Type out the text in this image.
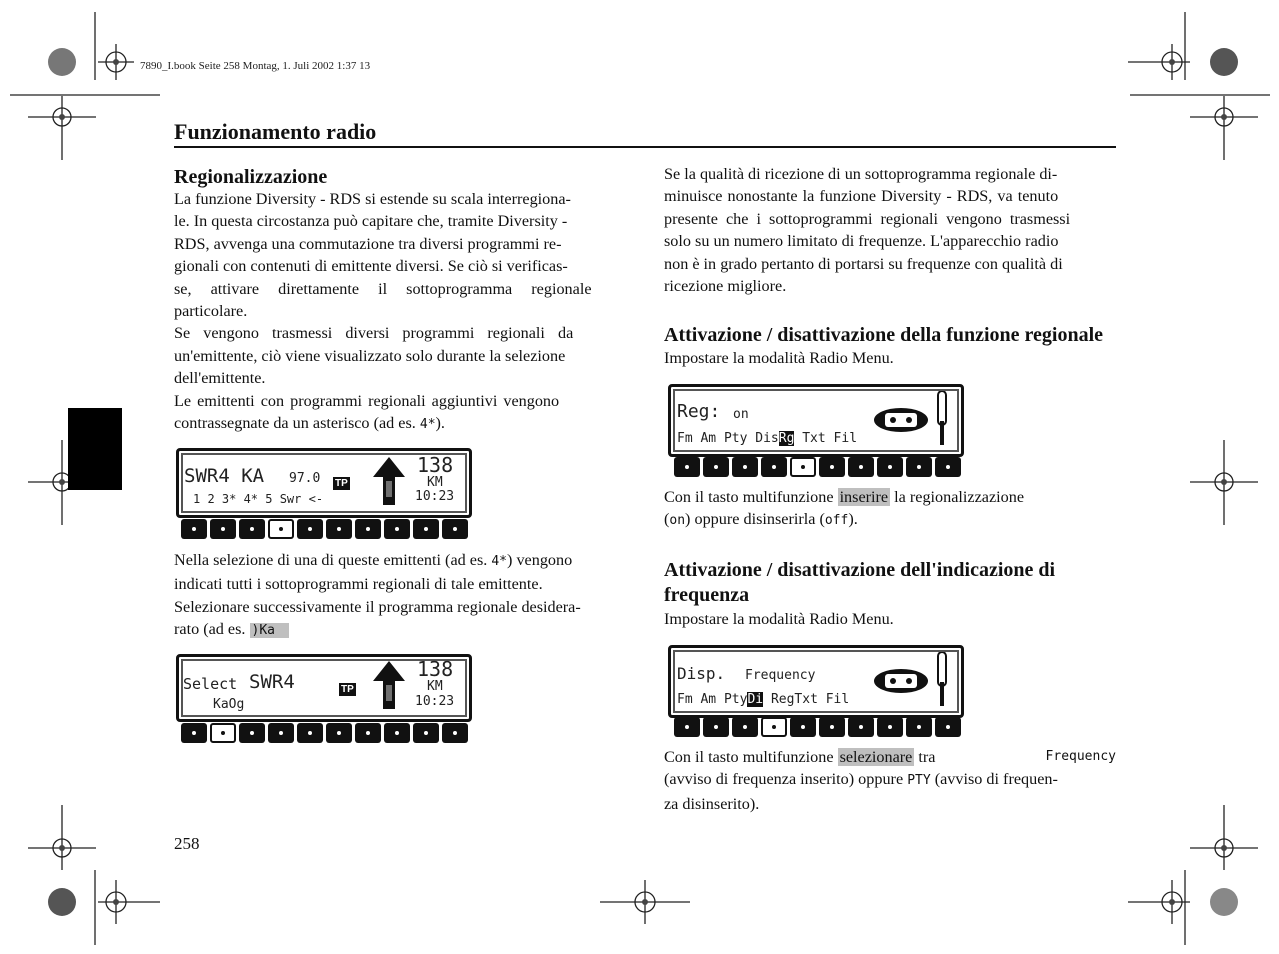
7890_I.book Seite 258 Montag, 1. Juli 2002 1:37 13
Funzionamento radio
Regionalizzazione
La funzione Diversity - RDS si estende su scala interregiona-
le. In questa circostanza può capitare che, tramite Diversity -
RDS, avvenga una commutazione tra diversi programmi re-
gionali con contenuti di emittente diversi. Se ciò si verificas-
se, attivare direttamente il sottoprogramma regionale
particolare.
Se vengono trasmessi diversi programmi regionali da
un'emittente, ciò viene visualizzato solo durante la selezione
dell'emittente.
Le emittenti con programmi regionali aggiuntivi vengono
contrassegnate da un asterisco (ad es. 4*).
SWR4 KA 97.0 TP
138
KM
10:23
1 2 3* 4* 5 Swr <-
Nella selezione di una di queste emittenti (ad es. 4*) vengono
indicati tutti i sottoprogrammi regionali di tale emittente.
Selezionare successivamente il programma regionale desidera-
rato (ad es. )Ka
Select SWR4	TP
138
KM
10:23
KaOg
Se la qualità di ricezione di un sottoprogramma regionale di-
minuisce nonostante la funzione Diversity - RDS, va tenuto
presente che i sottoprogrammi regionali vengono trasmessi
solo su un numero limitato di frequenze. L'apparecchio radio
non è in grado pertanto di portarsi su frequenze con qualità di
ricezione migliore.
Attivazione / disattivazione della funzione regionale
Impostare la modalità Radio Menu.
Reg: on
Fm Am Pty DisRg Txt Fil
Con il tasto multifunzione inserire la regionalizzazione
(on) oppure disinserirla (off).
Attivazione / disattivazione dell'indicazione di
frequenza
Impostare la modalità Radio Menu.
Disp. Frequency
Fm Am PtyDi RegTxt Fil
Con il tasto multifunzione selezionare tra	Frequency
(avviso di frequenza inserito) oppure PTY (avviso di frequen-
za disinserito).
258
